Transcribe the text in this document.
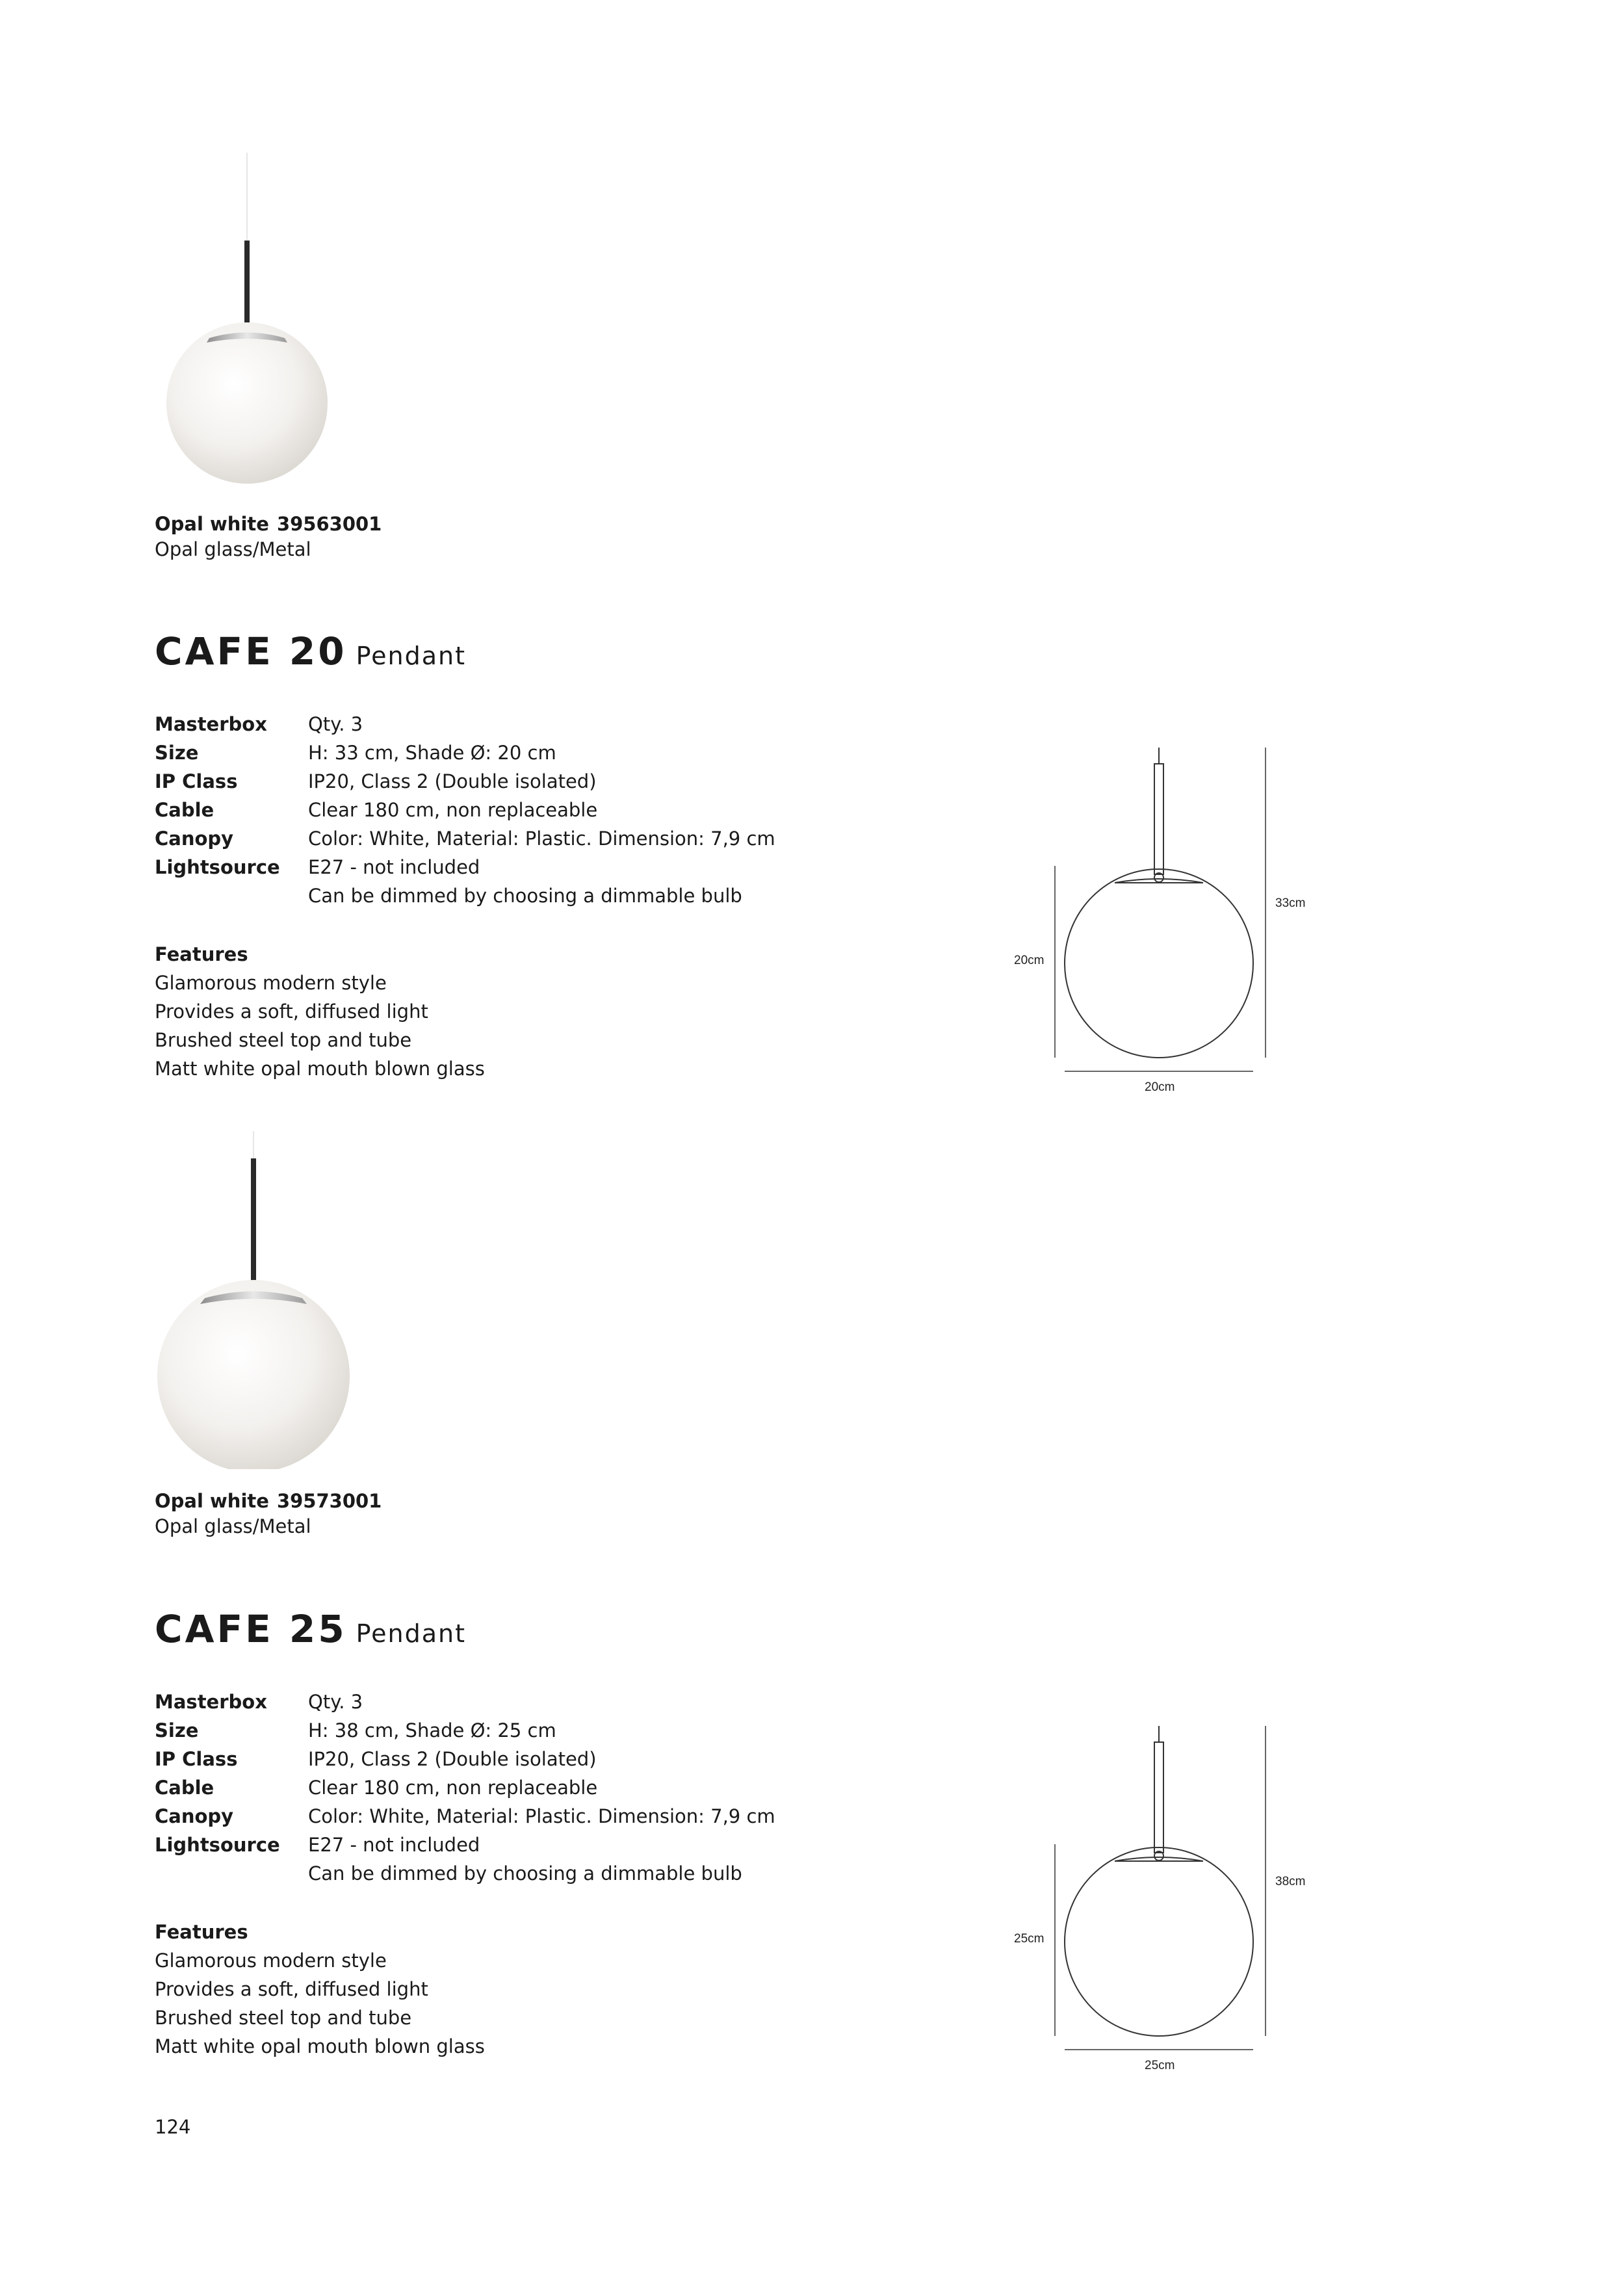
Opal white 39563001
Opal glass/Metal
CAFE 20 Pendant
Masterbox	Qty. 3
Size	H: 33 cm, Shade Ø: 20 cm
IP Class	IP20, Class 2 (Double isolated)
Cable	Clear 180 cm, non replaceable
Canopy	Color: White, Material: Plastic. Dimension: 7,9 cm
Lightsource	E27 - not included
Can be dimmed by choosing a dimmable bulb
Features
Glamorous modern style
Provides a soft, diffused light
Brushed steel top and tube
Matt white opal mouth blown glass
33cm
20cm
20cm
Opal white 39573001
Opal glass/Metal
CAFE 25 Pendant
Masterbox	Qty. 3
Size	H: 38 cm, Shade Ø: 25 cm
IP Class	IP20, Class 2 (Double isolated)
Cable	Clear 180 cm, non replaceable
Canopy	Color: White, Material: Plastic. Dimension: 7,9 cm
Lightsource	E27 - not included
Can be dimmed by choosing a dimmable bulb
Features
Glamorous modern style
Provides a soft, diffused light
Brushed steel top and tube
Matt white opal mouth blown glass
38cm
25cm
25cm
124
